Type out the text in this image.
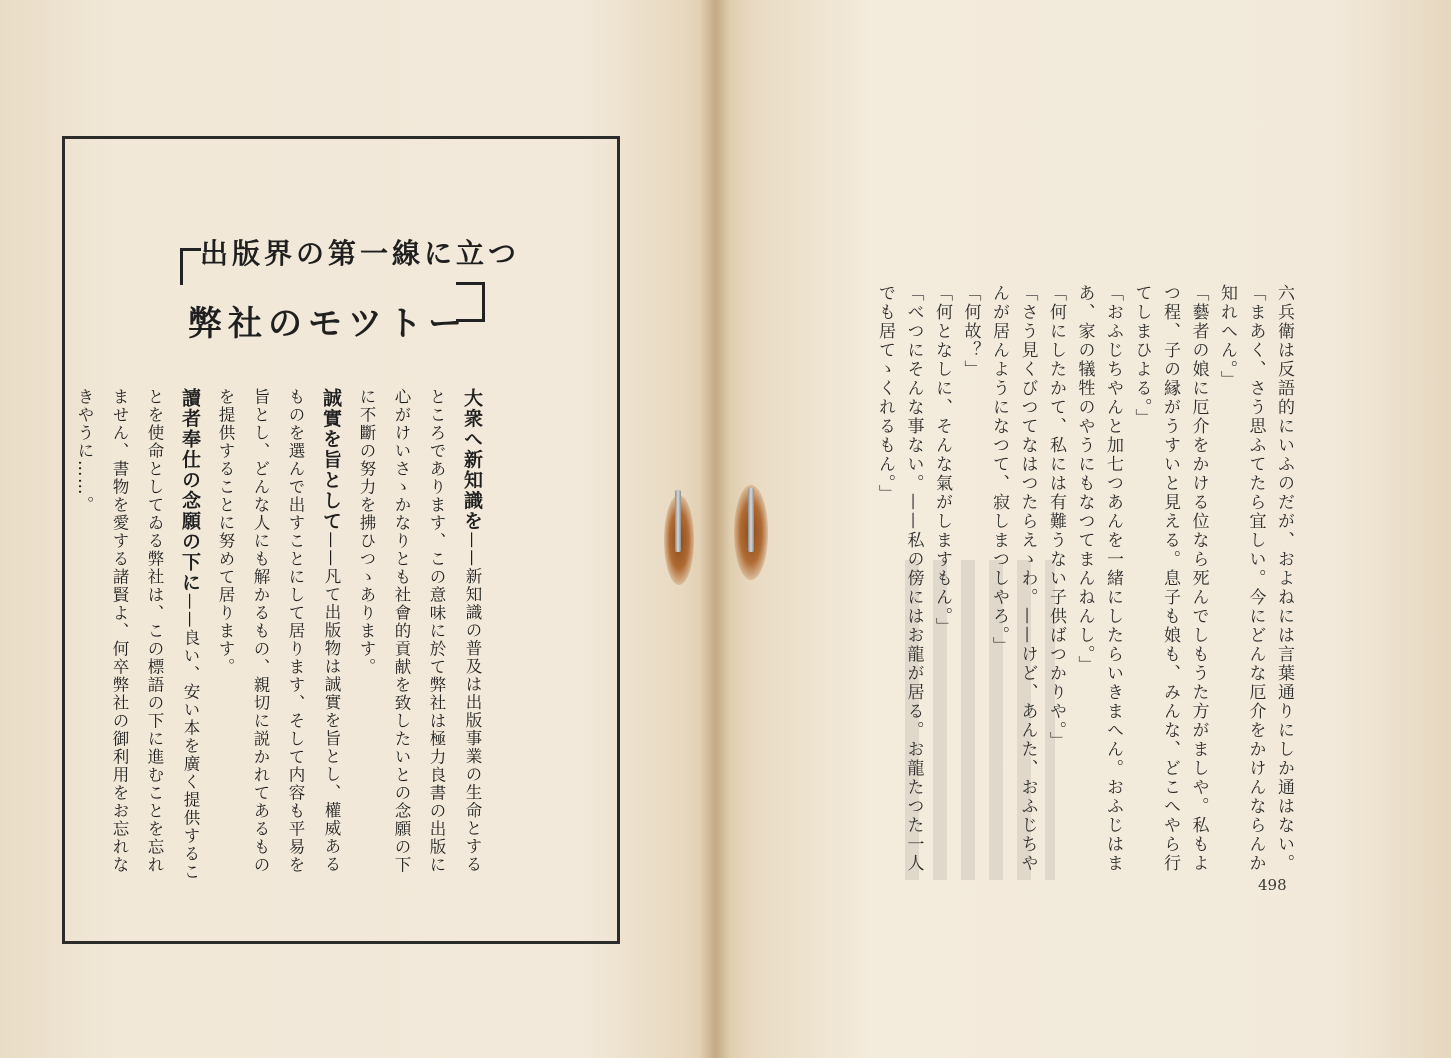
出版界の第一線に立つ
弊社のモツトー

大衆へ新知識を——新知識の普及は出版事業の生命とするところであります、この意味に於て弊社は極力良書の出版に心がけいさゝかなりとも社會的貢献を致したいとの念願の下に不斷の努力を拂ひつゝあります。

誠實を旨として——凡て出版物は誠實を旨とし、權威あるものを選んで出すことにして居ります、そして内容も平易を旨とし、どんな人にも解かるもの、親切に説かれてあるものを提供することに努めて居ります。

讀者奉仕の念願の下に——良い、安い本を廣く提供することを使命としてゐる弊社は、この標語の下に進むことを忘れません、書物を愛する諸賢よ、何卒弊社の御利用をお忘れなきやうに……。	六兵衛は反語的にいふのだが、およねには言葉通りにしか通はない。

「まあく、さう思ふてたら宜しい。今にどんな厄介をかけんならんか知れへん。」

「藝者の娘に厄介をかける位なら死んでしもうた方がましや。私もよつ程、子の縁がうすいと見える。息子も娘も、みんな、どこへやら行てしまひよる。」

「おふじちやんと加七つあんを一緒にしたらいきまへん。おふじはまあ、家の犠牲のやうにもなつてまんねんし。」

「何にしたかて、私には有難うない子供ばつかりや。」

「さう見くびつてなはつたらえゝわ。——けど、あんた、おふじちやんが居んようになつて、寂しまつしやろ。」

「何故？」

「何となしに、そんな氣がしますもん。」

「べつにそんな事ない。——私の傍にはお龍が居る。お龍たつた一人でも居てゝくれるもん。」

498
